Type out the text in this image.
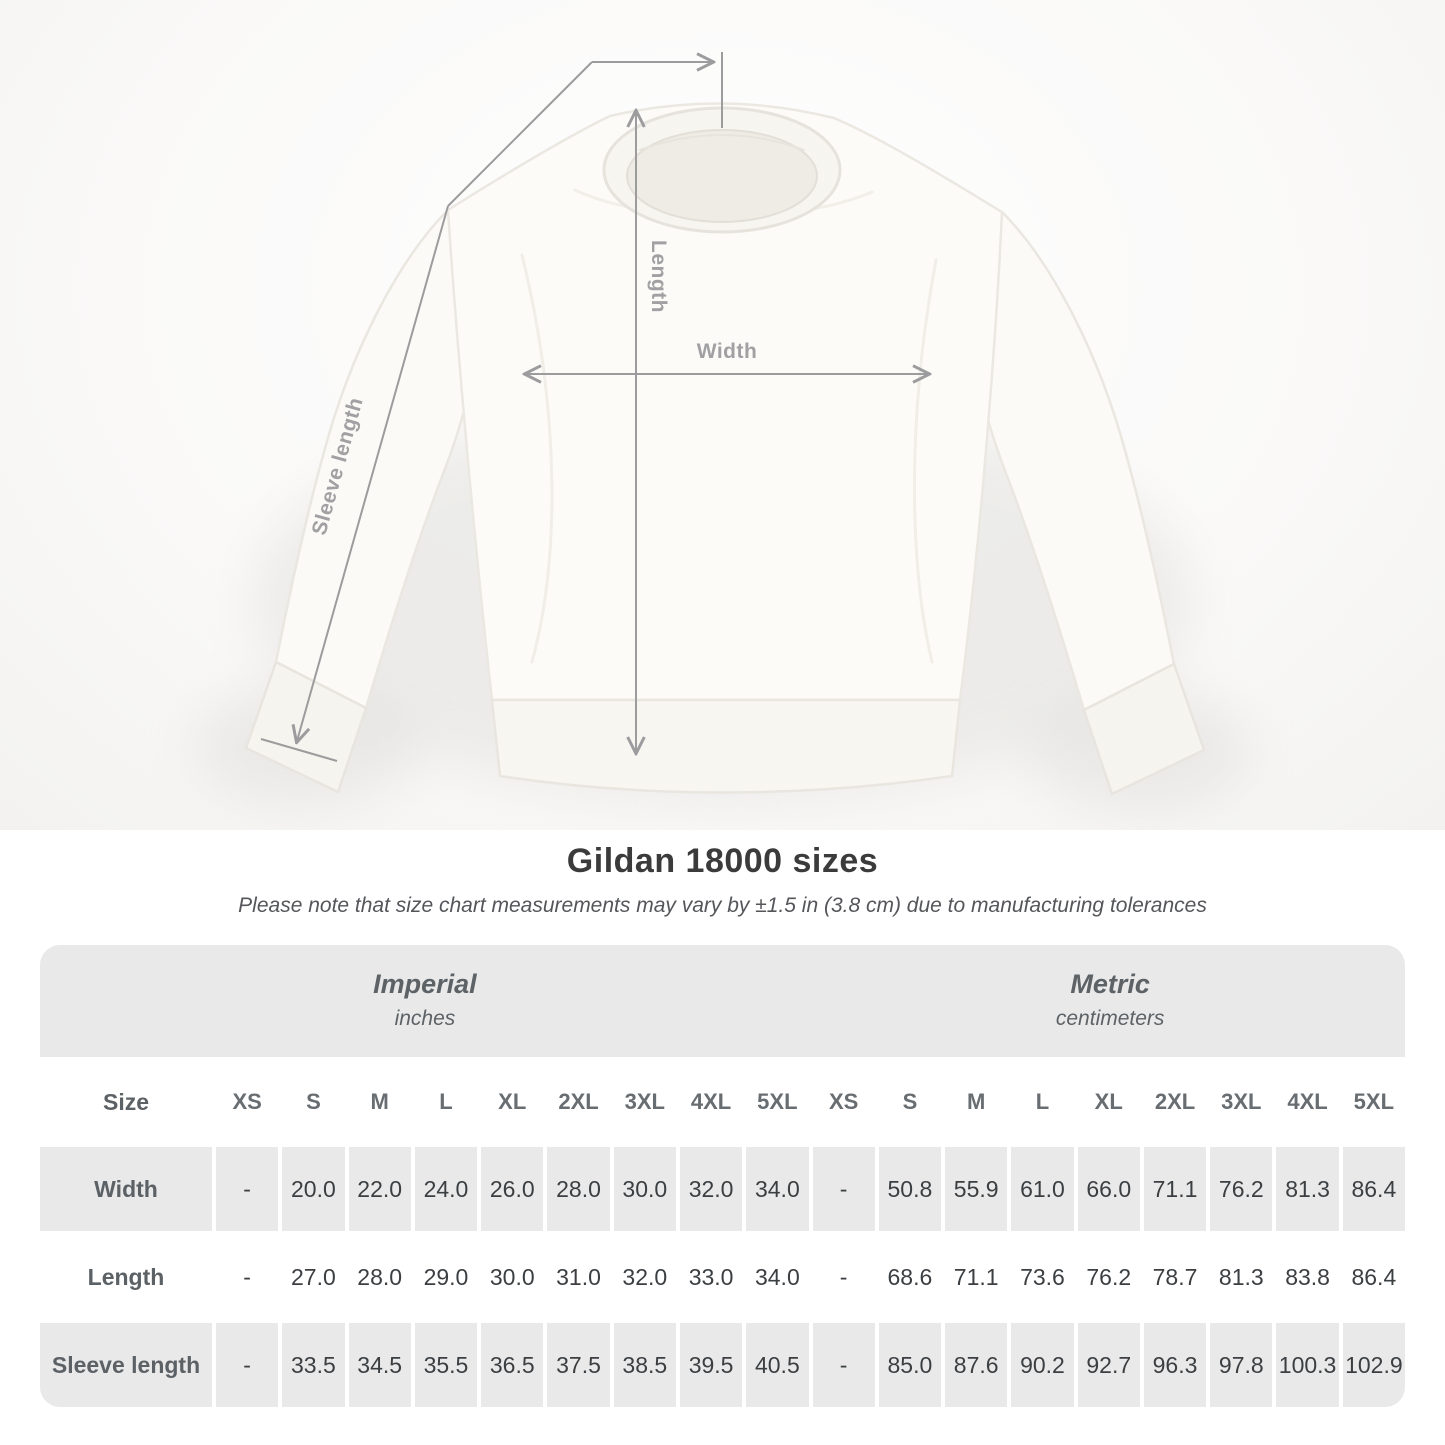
Width
Length
Sleeve length
Gildan 18000 sizes
Please note that size chart measurements may vary by ±1.5 in (3.8 cm) due to manufacturing tolerances
Imperial
inches
Metric
centimeters
Size	XS	S	M	L	XL	2XL	3XL	4XL	5XL	XS	S	M	L	XL	2XL	3XL	4XL	5XL
Width	-	20.0 22.0 24.0 26.0 28.0 30.0 32.0 34.0	-	50.8 55.9 61.0 66.0 71.1 76.2 81.3 86.4
Length	-	27.0 28.0 29.0 30.0 31.0 32.0 33.0 34.0	-	68.6 71.1 73.6 76.2 78.7 81.3 83.8 86.4
Sleeve length	-	33.5 34.5 35.5 36.5 37.5 38.5 39.5 40.5	-	85.0 87.6 90.2 92.7 96.3 97.8 100.3 102.9
